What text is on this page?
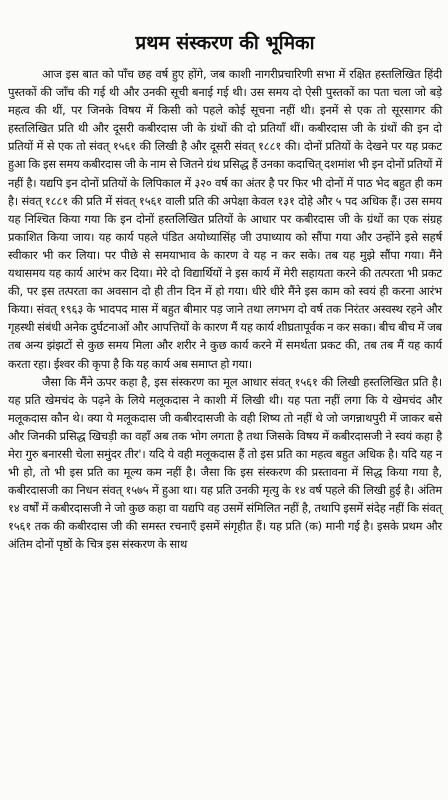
प्रथम संस्करण की भूमिका

आज इस बात को पाँच छह वर्ष हुए होंगे, जब काशी नागरीप्रचारिणी सभा में रक्षित हस्तलिखित हिंदी पुस्तकों की जाँच की गई थी और उनकी सूची बनाई गई थी। उस समय दो ऐसी पुस्तकों का पता चला जो बड़े महत्व की थीं, पर जिनके विषय में किसी को पहले कोई सूचना नहीं थी। इनमें से एक तो सूरसागर की हस्तलिखित प्रति थी और दूसरी कबीरदास जी के ग्रंथों की दो प्रतियाँ थीं। कबीरदास जी के ग्रंथों की इन दो प्रतियों में से एक तो संवत् १५६१ की लिखी है और दूसरी संवत् १८८१ की। दोनों प्रतियों के देखने पर यह प्रकट हुआ कि इस समय कबीरदास जी के नाम से जितने ग्रंथ प्रसिद्ध हैं उनका कदाचित् दशमांश भी इन दोनों प्रतियों में नहीं है। यद्यपि इन दोनों प्रतियों के लिपिकाल में ३२० वर्ष का अंतर है पर फिर भी दोनों में पाठ भेद बहुत ही कम है। संवत् १८८१ की प्रति में संवत् १५६१ वाली प्रति की अपेक्षा केवल १३१ दोहे और ५ पद अधिक हैं। उस समय यह निश्चित किया गया कि इन दोनों हस्तलिखित प्रतियों के आधार पर कबीरदास जी के ग्रंथों का एक संग्रह प्रकाशित किया जाय। यह कार्य पहले पंडित अयोध्यासिंह जी उपाध्याय को सौंपा गया और उन्होंने इसे सहर्ष स्वीकार भी कर लिया। पर पीछे से समयाभाव के कारण वे यह न कर सके। तब यह मुझे सौंपा गया। मैंने यथासमय यह कार्य आरंभ कर दिया। मेरे दो विद्यार्थियों ने इस कार्य में मेरी सहायता करने की तत्परता भी प्रकट की, पर इस तत्परता का अवसान दो ही तीन दिन में हो गया। धीरे धीरे मैंने इस काम को स्वयं ही करना आरंभ किया। संवत् १९६३ के भादपद मास में बहुत बीमार पड़ जाने तथा लगभग दो वर्ष तक निरंतर अस्वस्थ रहने और गृहस्थी संबंधी अनेक दुर्घटनाओं और आपत्तियों के कारण मैं यह कार्य शीघ्रतापूर्वक न कर सका। बीच बीच में जब तब अन्य झंझटों से कुछ समय मिला और शरीर ने कुछ कार्य करने में समर्थता प्रकट की, तब तब मैं यह कार्य करता रहा। ईश्वर की कृपा है कि यह कार्य अब समाप्त हो गया।

जैसा कि मैंने ऊपर कहा है, इस संस्करण का मूल आधार संवत् १५६१ की लिखी हस्तलिखित प्रति है। यह प्रति खेमचंद के पढ़ने के लिये मलूकदास ने काशी में लिखी थी। यह पता नहीं लगा कि ये खेमचंद और मलूकदास कौन थे। क्या ये मलूकदास जी कबीरदासजी के वही शिष्य तो नहीं थे जो जगन्नाथपुरी में जाकर बसे और जिनकी प्रसिद्ध खिचड़ी का वहाँ अब तक भोग लगता है तथा जिसके विषय में कबीरदासजी ने स्वयं कहा है मेरा गुरु बनारसी चेला समुंदर तीर'। यदि ये वही मलूकदास हैं तो इस प्रति का महत्व बहुत अधिक है। यदि यह न भी हो, तो भी इस प्रति का मूल्य कम नहीं है। जैसा कि इस संस्करण की प्रस्तावना में सिद्ध किया गया है, कबीरदासजी का निधन संवत् १५७५ में हुआ था। यह प्रति उनकी मृत्यु के १४ वर्ष पहले की लिखी हुई है। अंतिम १४ वर्षों में कबीरदासजी ने जो कुछ कहा वा यद्यपि वह उसमें संमिलित नहीं है, तथापि इसमें संदेह नहीं कि संवत् १५६१ तक की कबीरदास जी की समस्त रचनाएँ इसमें संगृहीत हैं। यह प्रति (क) मानी गई है। इसके प्रथम और अंतिम दोनों पृष्ठों के चित्र इस संस्करण के साथ
